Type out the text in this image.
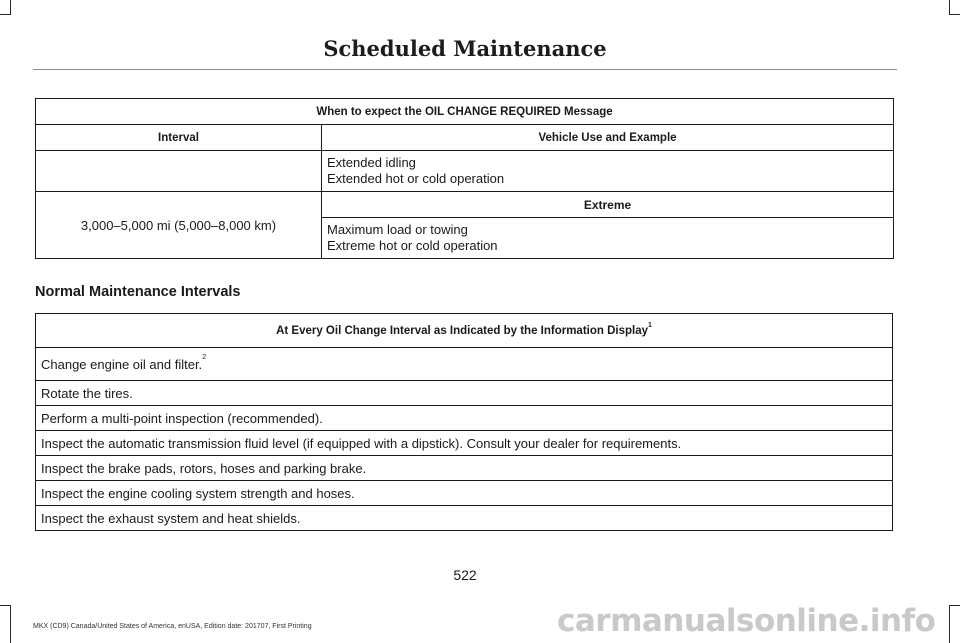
Scheduled Maintenance
When to expect the OIL CHANGE REQUIRED Message	
Interval	Vehicle Use and Example

	Extended idling
Extended hot or cold operation

3,000–5,000 mi (5,000–8,000 km)	Extreme

	Maximum load or towing
Extreme hot or cold operation
Normal Maintenance Intervals
At Every Oil Change Interval as Indicated by the Information Display$^1$
Change engine oil and filter.$^2$
Rotate the tires.
Perform a multi-point inspection (recommended).
Inspect the automatic transmission fluid level (if equipped with a dipstick). Consult your dealer for requirements.
Inspect the brake pads, rotors, hoses and parking brake.
Inspect the engine cooling system strength and hoses.
Inspect the exhaust system and heat shields.
522
MKX (CD9) Canada/United States of America, enUSA, Edition date: 201707, First Printing	carmanualsonline.info
